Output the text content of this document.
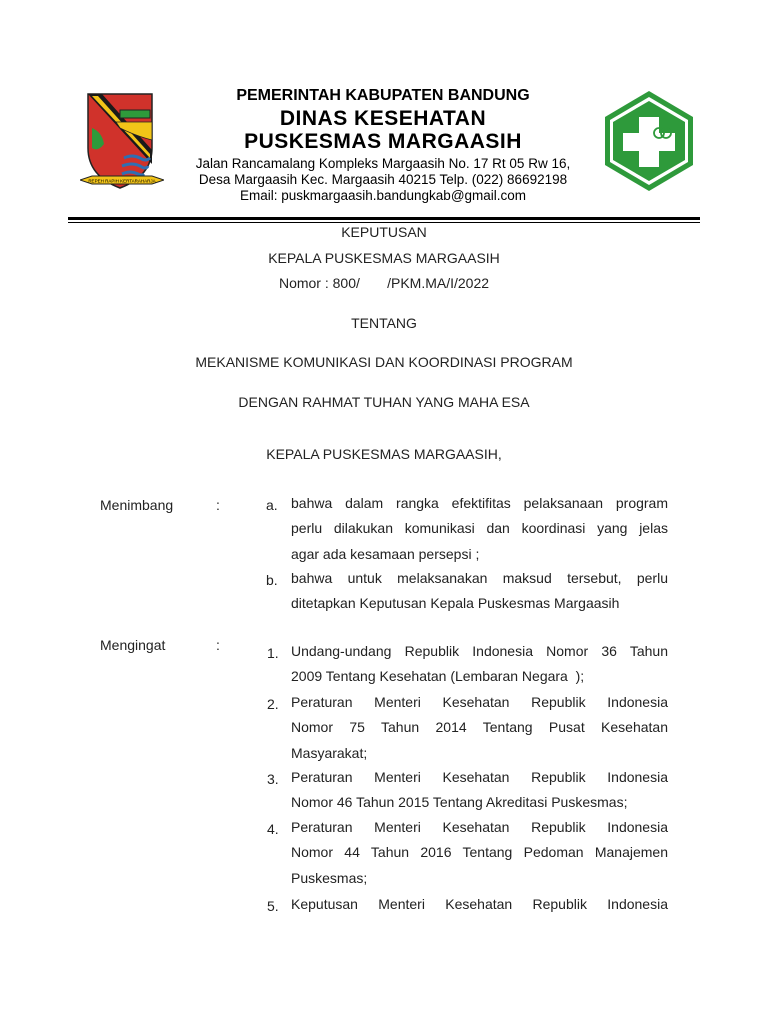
REPEH RAPIH KERTARAHARJA
PEMERINTAH KABUPATEN BANDUNG
DINAS KESEHATAN
PUSKESMAS MARGAASIH
Jalan Rancamalang Kompleks Margaasih No. 17 Rt 05 Rw 16,
Desa Margaasih Kec. Margaasih 40215 Telp. (022) 86692198
Email: puskmargaasih.bandungkab@gmail.com
KEPUTUSAN
KEPALA PUSKESMAS MARGAASIH
Nomor : 800/       /PKM.MA/I/2022
TENTANG
MEKANISME KOMUNIKASI DAN KOORDINASI PROGRAM
DENGAN RAHMAT TUHAN YANG MAHA ESA
KEPALA PUSKESMAS MARGAASIH,
Menimbang	:	a. bahwa dalam rangka efektifitas pelaksanaan program
perlu dilakukan komunikasi dan koordinasi yang jelas
agar ada kesamaan persepsi ;
b. bahwa untuk melaksanakan maksud tersebut, perlu
ditetapkan Keputusan Kepala Puskesmas Margaasih
Mengingat	:	1. Undang-undang Republik Indonesia Nomor 36 Tahun
2009 Tentang Kesehatan (Lembaran Negara  );
2. Peraturan Menteri Kesehatan Republik Indonesia
Nomor 75 Tahun 2014 Tentang Pusat Kesehatan
Masyarakat;
3. Peraturan Menteri Kesehatan Republik Indonesia
Nomor 46 Tahun 2015 Tentang Akreditasi Puskesmas;
4. Peraturan Menteri Kesehatan Republik Indonesia
Nomor 44 Tahun 2016 Tentang Pedoman Manajemen
Puskesmas;
5. Keputusan Menteri Kesehatan Republik Indonesia
